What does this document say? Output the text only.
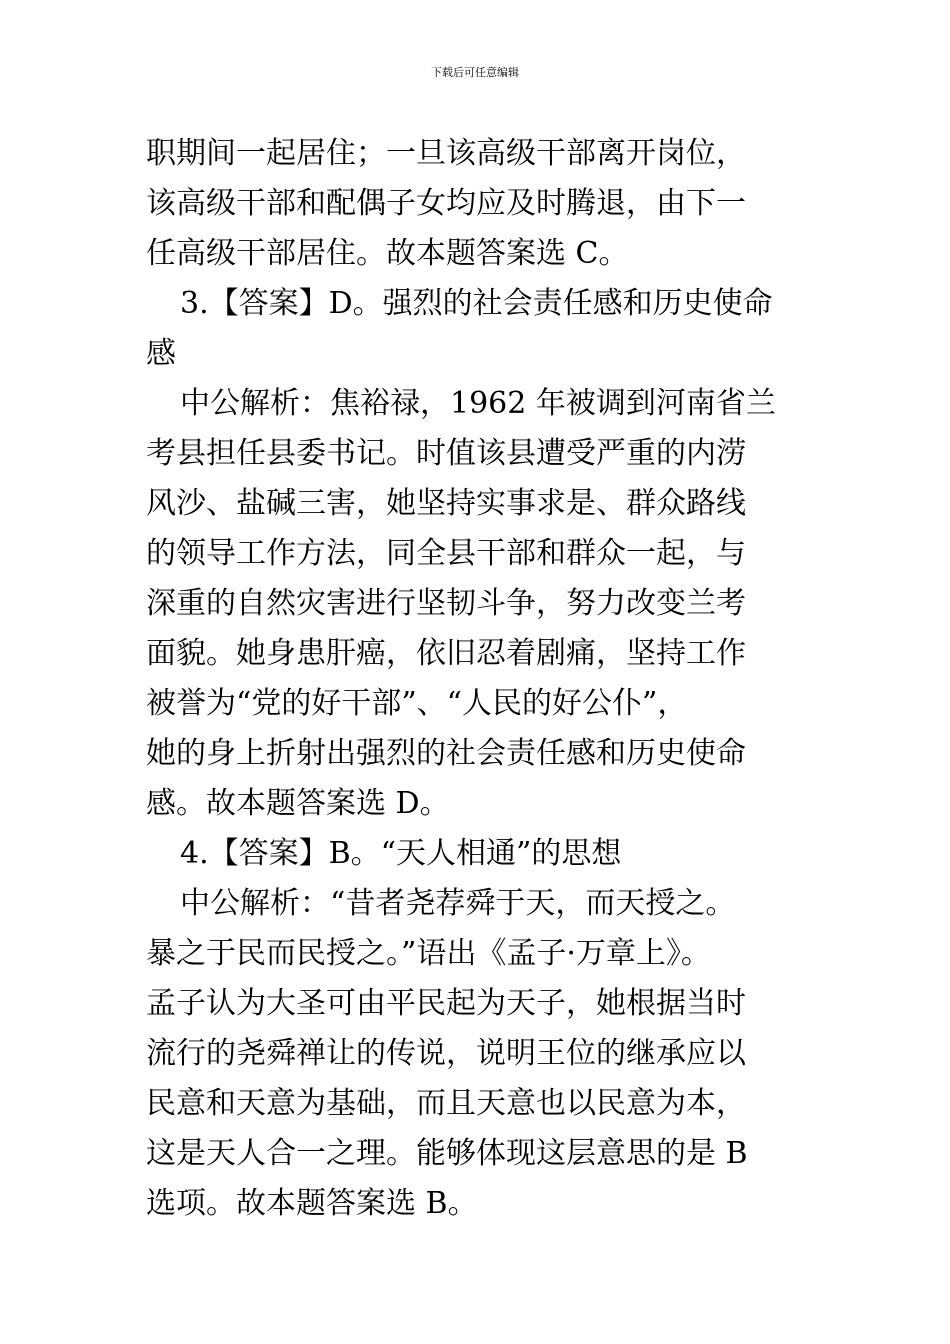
下载后可任意编辑
职期间一起居住；一旦该高级干部离开岗位，
该高级干部和配偶子女均应及时腾退，由下一
任高级干部居住。故本题答案选 C。
3.【答案】D。强烈的社会责任感和历史使命
感
中公解析：焦裕禄，1962 年被调到河南省兰
考县担任县委书记。时值该县遭受严重的内涝
风沙、盐碱三害，她坚持实事求是、群众路线
的领导工作方法，同全县干部和群众一起，与
深重的自然灾害进行坚韧斗争，努力改变兰考
面貌。她身患肝癌，依旧忍着剧痛，坚持工作
被誉为“党的好干部”、“人民的好公仆”，
她的身上折射出强烈的社会责任感和历史使命
感。故本题答案选 D。
4.【答案】B。“天人相通”的思想
中公解析：“昔者尧荐舜于天，而天授之。
暴之于民而民授之。”语出《孟子·万章上》。
孟子认为大圣可由平民起为天子，她根据当时
流行的尧舜禅让的传说，说明王位的继承应以
民意和天意为基础，而且天意也以民意为本，
这是天人合一之理。能够体现这层意思的是 B
选项。故本题答案选 B。
